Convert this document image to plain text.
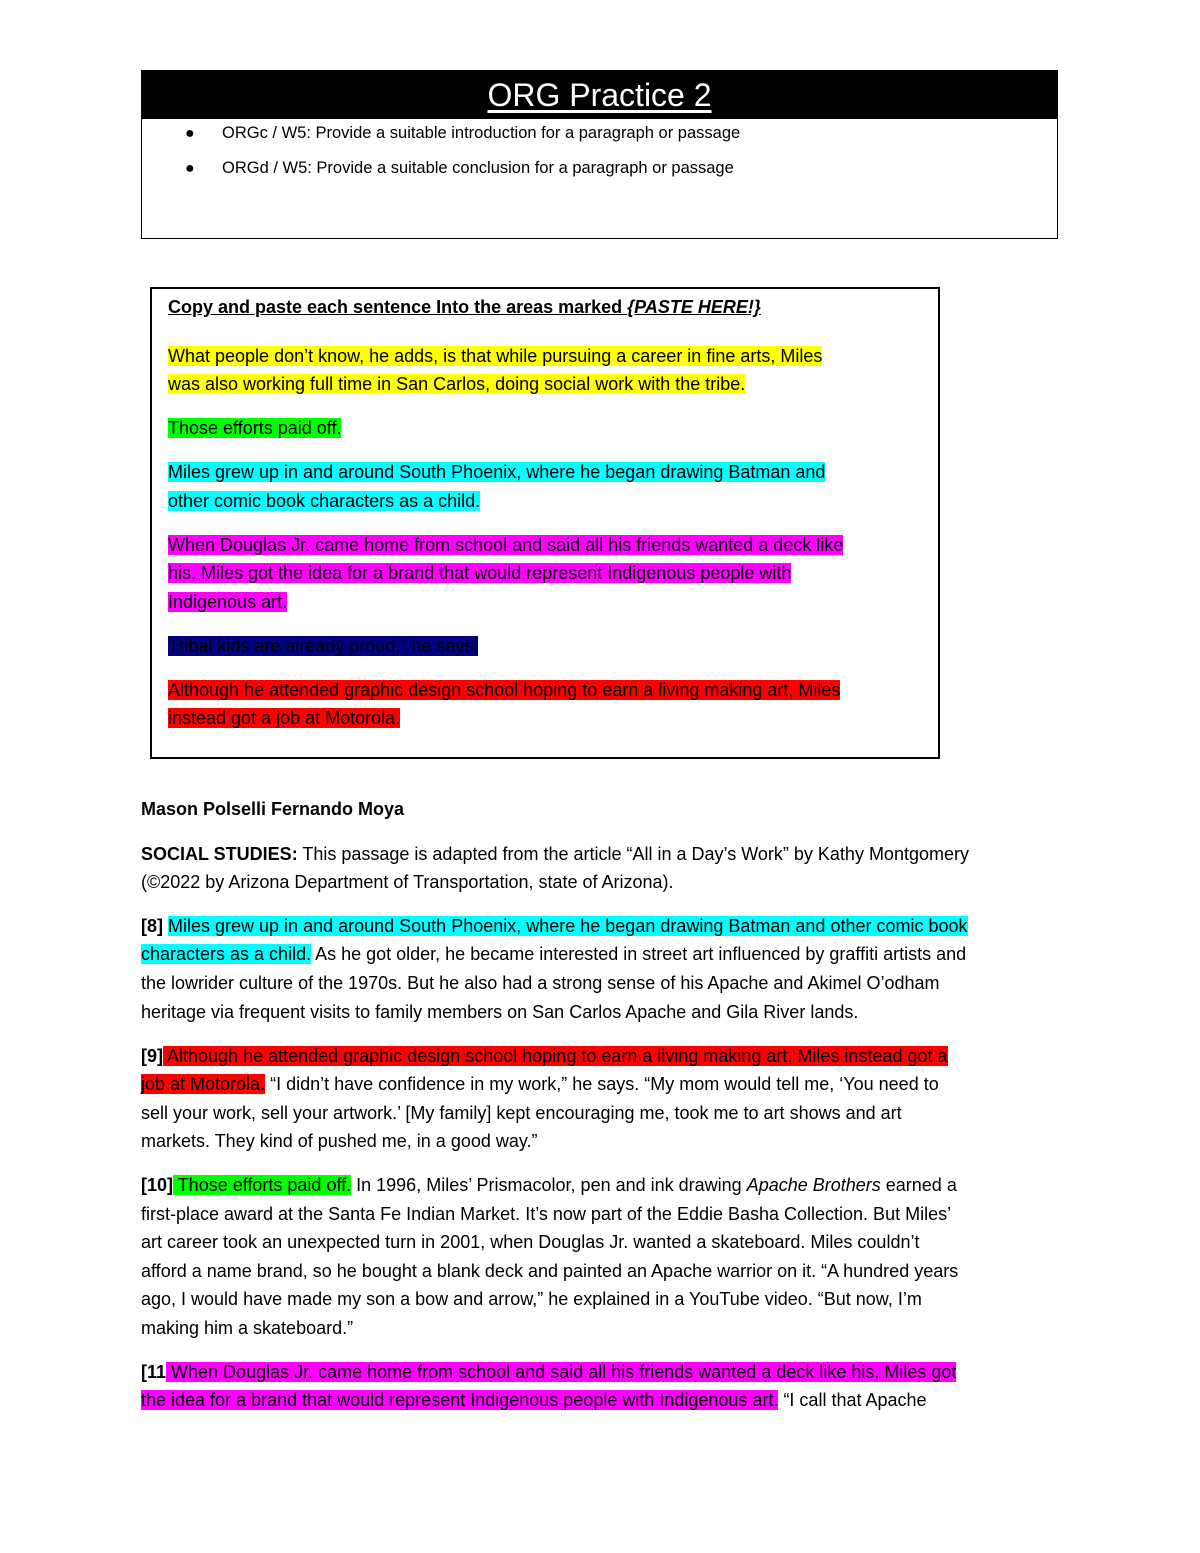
ORG Practice 2
● ORGc / W5: Provide a suitable introduction for a paragraph or passage
● ORGd / W5: Provide a suitable conclusion for a paragraph or passage
Copy and paste each sentence Into the areas marked {PASTE HERE!}
What people don’t know, he adds, is that while pursuing a career in fine arts, Miles
was also working full time in San Carlos, doing social work with the tribe.
Those efforts paid off.
Miles grew up in and around South Phoenix, where he began drawing Batman and
other comic book characters as a child.
When Douglas Jr. came home from school and said all his friends wanted a deck like
his, Miles got the idea for a brand that would represent Indigenous people with
Indigenous art.
Tribal kids are already proud,” he says.
Although he attended graphic design school hoping to earn a living making art, Miles
instead got a job at Motorola.
Mason Polselli Fernando Moya
SOCIAL STUDIES: This passage is adapted from the article “All in a Day’s Work” by Kathy Montgomery
(©2022 by Arizona Department of Transportation, state of Arizona).
[8] Miles grew up in and around South Phoenix, where he began drawing Batman and other comic book
characters as a child. As he got older, he became interested in street art influenced by graffiti artists and
the lowrider culture of the 1970s. But he also had a strong sense of his Apache and Akimel O’odham
heritage via frequent visits to family members on San Carlos Apache and Gila River lands.
[9] Although he attended graphic design school hoping to earn a living making art, Miles instead got a
job at Motorola. “I didn’t have confidence in my work,” he says. “My mom would tell me, ‘You need to
sell your work, sell your artwork.’ [My family] kept encouraging me, took me to art shows and art
markets. They kind of pushed me, in a good way.”
[10] Those efforts paid off. In 1996, Miles’ Prismacolor, pen and ink drawing Apache Brothers earned a
first-place award at the Santa Fe Indian Market. It’s now part of the Eddie Basha Collection. But Miles’
art career took an unexpected turn in 2001, when Douglas Jr. wanted a skateboard. Miles couldn’t
afford a name brand, so he bought a blank deck and painted an Apache warrior on it. “A hundred years
ago, I would have made my son a bow and arrow,” he explained in a YouTube video. “But now, I’m
making him a skateboard.”
[11 When Douglas Jr. came home from school and said all his friends wanted a deck like his, Miles got
the idea for a brand that would represent Indigenous people with Indigenous art. “I call that Apache
